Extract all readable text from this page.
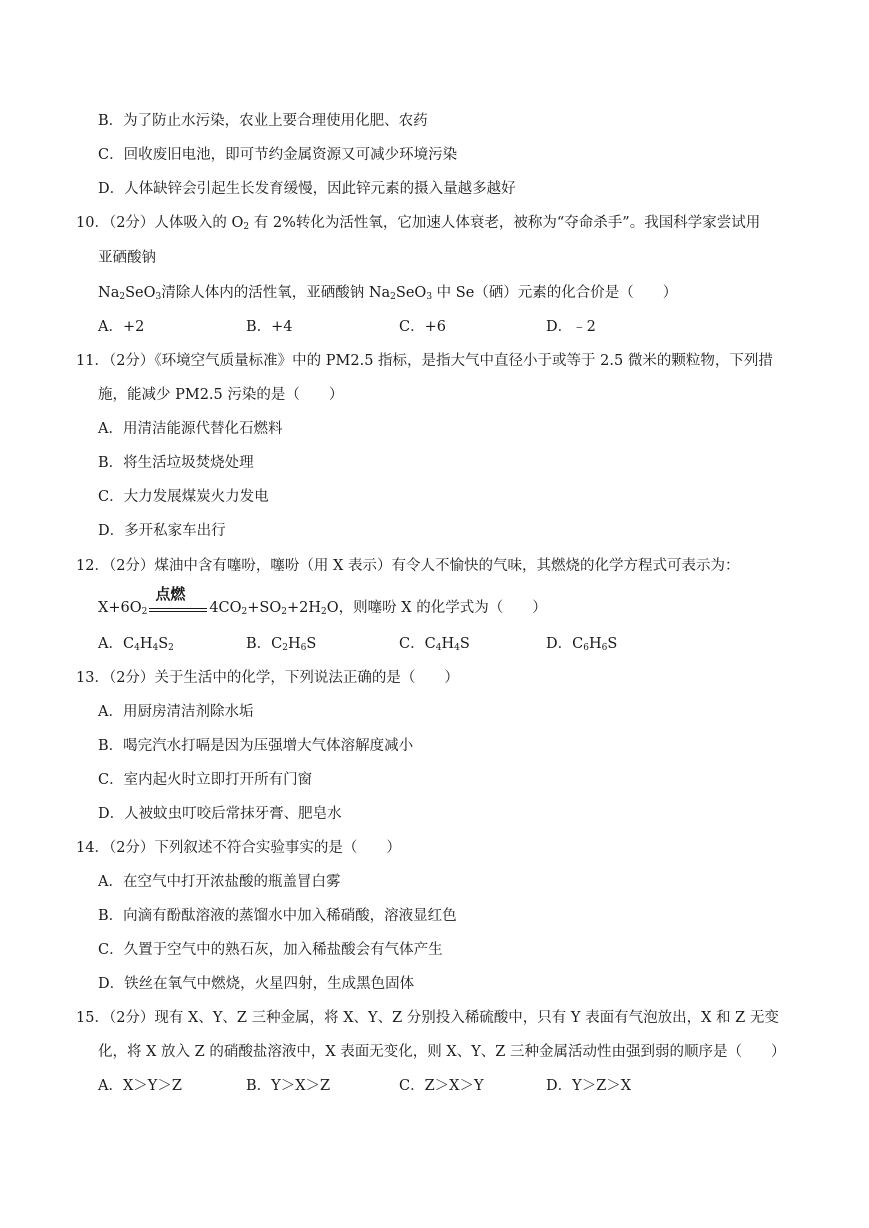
B．为了防止水污染，农业上要合理使用化肥、农药
C．回收废旧电池，即可节约金属资源又可减少环境污染
D．人体缺锌会引起生长发育缓慢，因此锌元素的摄入量越多越好
10．（2分）人体吸入的 $O_2$ 有 2%转化为活性氧，它加速人体衰老，被称为“夺命杀手”。我国科学家尝试用
亚硒酸钠
$Na_2SeO_3$清除人体内的活性氧，亚硒酸钠 $Na_2SeO_3$ 中 Se（硒）元素的化合价是（　　）
A．+2	B．+4	C．+6	D．﹣2
11．（2分）《环境空气质量标准》中的 PM2.5 指标，是指大气中直径小于或等于 2.5 微米的颗粒物，下列措
施，能减少 PM2.5 污染的是（　　）
A．用清洁能源代替化石燃料
B．将生活垃圾焚烧处理
C．大力发展煤炭火力发电
D．多开私家车出行
12．（2分）煤油中含有噻吩，噻吩（用 X 表示）有令人不愉快的气味，其燃烧的化学方程式可表示为：
$X+6O_2$
点燃
$4CO_2+SO_2+2H_2O$，则噻吩 X 的化学式为（　　）
A．$C_4H_4S_2$	B．$C_2H_6S$	C．$C_4H_4S$	D．$C_6H_6S$
13．（2分）关于生活中的化学，下列说法正确的是（　　）
A．用厨房清洁剂除水垢
B．喝完汽水打嗝是因为压强增大气体溶解度减小
C．室内起火时立即打开所有门窗
D．人被蚊虫叮咬后常抹牙膏、肥皂水
14．（2分）下列叙述不符合实验事实的是（　　）
A．在空气中打开浓盐酸的瓶盖冒白雾
B．向滴有酚酞溶液的蒸馏水中加入稀硝酸，溶液显红色
C．久置于空气中的熟石灰，加入稀盐酸会有气体产生
D．铁丝在氧气中燃烧，火星四射，生成黑色固体
15．（2分）现有 X、Y、Z 三种金属，将 X、Y、Z 分别投入稀硫酸中，只有 Y 表面有气泡放出，X 和 Z 无变
化，将 X 放入 Z 的硝酸盐溶液中，X 表面无变化，则 X、Y、Z 三种金属活动性由强到弱的顺序是（　　）
A．X＞Y＞Z	B．Y＞X＞Z	C．Z＞X＞Y	D．Y＞Z＞X
